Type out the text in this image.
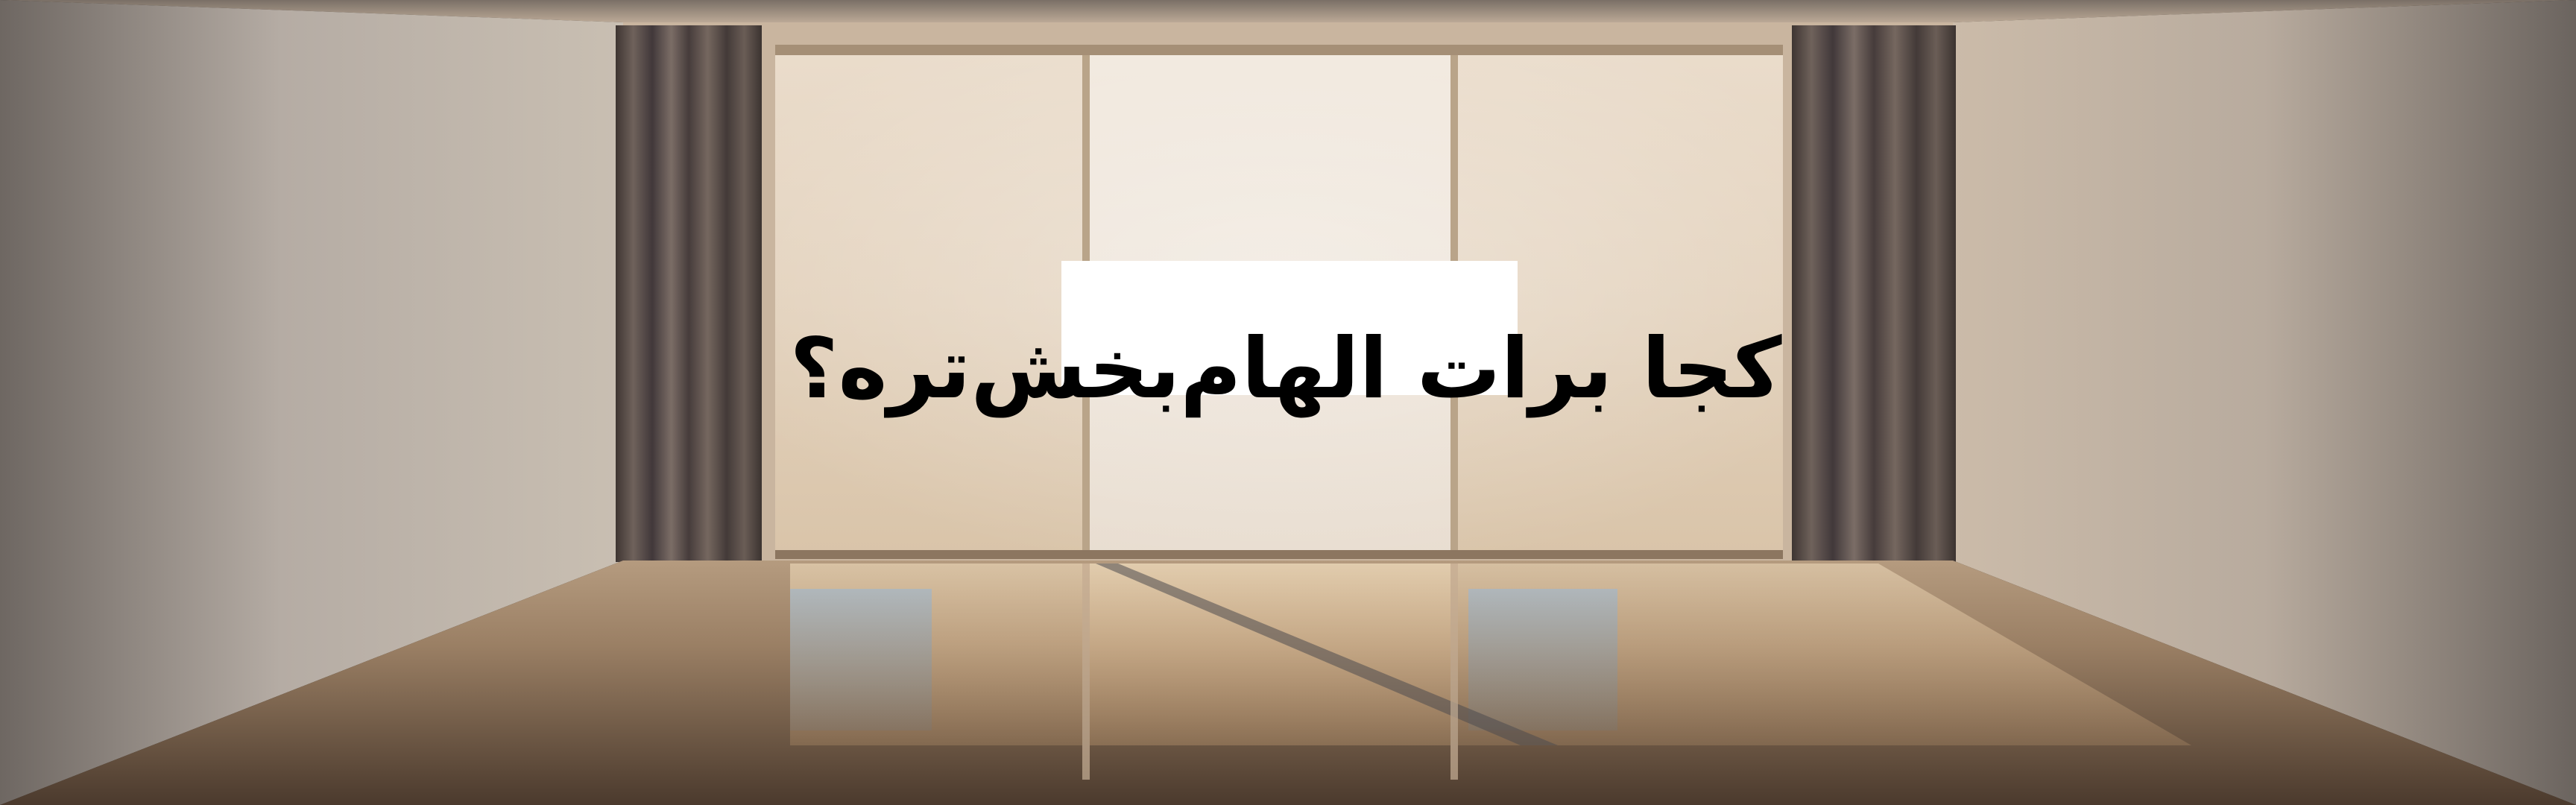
کجا برات الهام‌بخش‌تره؟
